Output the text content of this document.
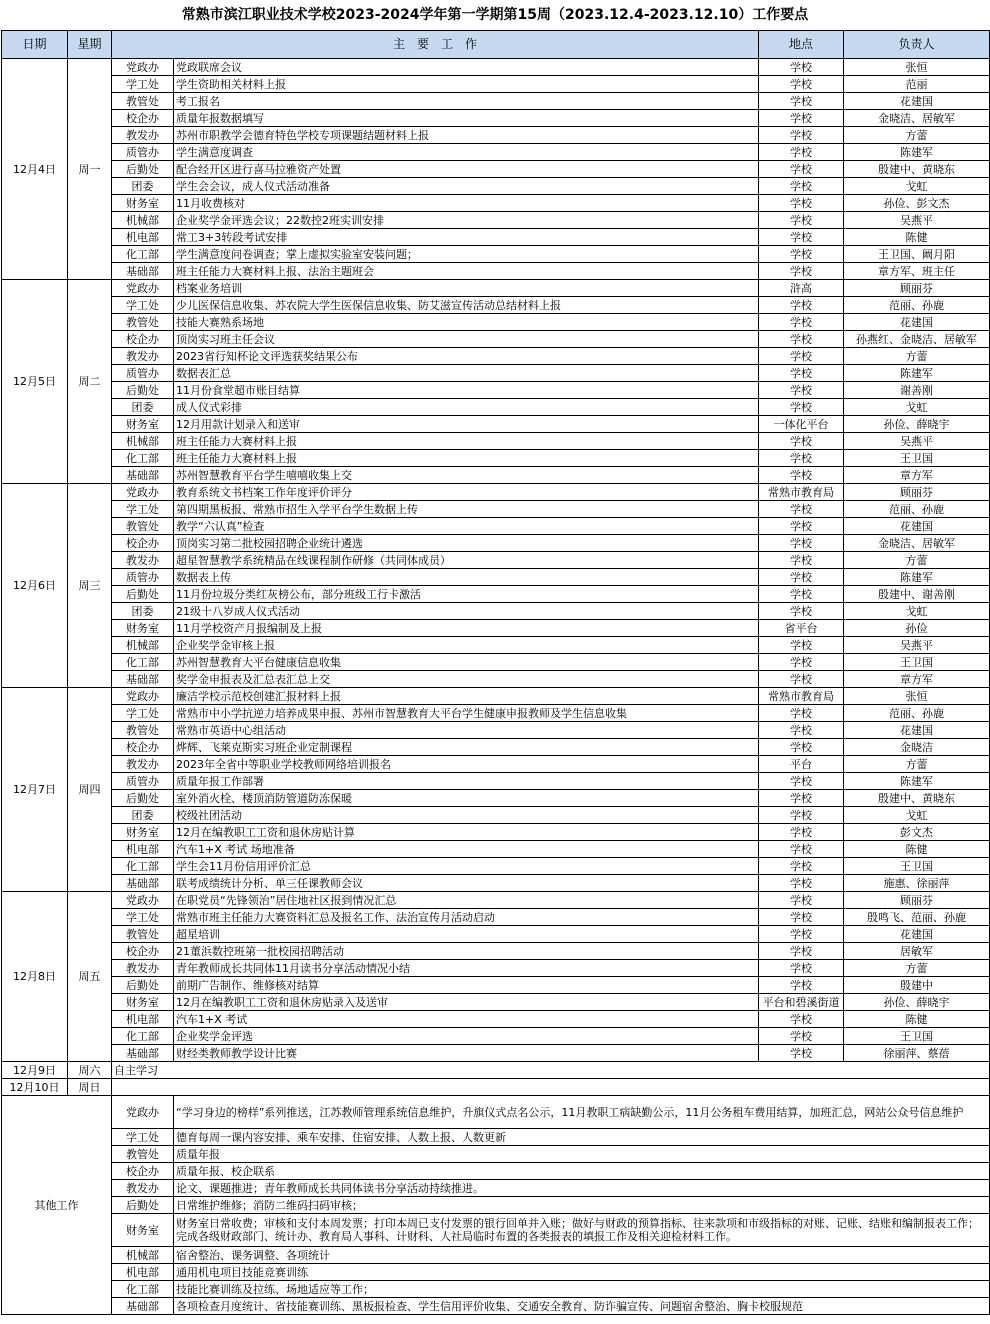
常熟市滨江职业技术学校2023-2024学年第一学期第15周（2023.12.4-2023.12.10）工作要点
日期	星期	主　要　工　作		地点	负责人
12月4日	周一	党政办	党政联席会议	学校	张恒
		学工处	学生资助相关材料上报	学校	范丽
		教管处	考工报名	学校	花建国
		校企办	质量年报数据填写	学校	金晓洁、居敏军
		教发办	苏州市职教学会德育特色学校专项课题结题材料上报	学校	方蕾
		质管办	学生满意度调查	学校	陈建军
		后勤处	配合经开区进行喜马拉雅资产处置	学校	殷建中、黄晓东
		团委	学生会会议，成人仪式活动准备	学校	戈虹
		财务室	11月收费核对	学校	孙俭、彭文杰
		机械部	企业奖学金评选会议；22数控2班实训安排	学校	吴燕平
		机电部	常工3+3转段考试安排	学校	陈健
		化工部	学生满意度问卷调查；掌上虚拟实验室安装问题；	学校	王卫国、阚月阳
		基础部	班主任能力大赛材料上报、法治主题班会	学校	章方军、班主任
12月5日	周二	党政办	档案业务培训	浒高	顾丽芬
		学工处	少儿医保信息收集、苏农院大学生医保信息收集、防艾滋宣传活动总结材料上报	学校	范丽、孙鹿
		教管处	技能大赛熟系场地	学校	花建国
		校企办	顶岗实习班主任会议	学校	孙燕红、金晓洁、居敏军
		教发办	2023省行知杯论文评选获奖结果公布	学校	方蕾
		质管办	数据表汇总	学校	陈建军
		后勤处	11月份食堂超市账目结算	学校	谢善刚
		团委	成人仪式彩排	学校	戈虹
		财务室	12月用款计划录入和送审	一体化平台	孙俭、薛晓宇
		机械部	班主任能力大赛材料上报	学校	吴燕平
		化工部	班主任能力大赛材料上报	学校	王卫国
		基础部	苏州智慧教育平台学生嘻嘻收集上交	学校	章方军
12月6日	周三	党政办	教育系统文书档案工作年度评价评分	常熟市教育局	顾丽芬
		学工处	第四期黑板报、常熟市招生入学平台学生数据上传	学校	范丽、孙鹿
		教管处	教学“六认真”检查	学校	花建国
		校企办	顶岗实习第二批校园招聘企业统计遴选	学校	金晓洁、居敏军
		教发办	超星智慧教学系统精品在线课程制作研修（共同体成员）	学校	方蕾
		质管办	数据表上传	学校	陈建军
		后勤处	11月份垃圾分类红灰榜公布，部分班级工行卡激活	学校	殷建中、谢善刚
		团委	21级十八岁成人仪式活动	学校	戈虹
		财务室	11月学校资产月报编制及上报	省平台	孙俭
		机械部	企业奖学金审核上报	学校	吴燕平
		化工部	苏州智慧教育大平台健康信息收集	学校	王卫国
		基础部	奖学金申报表及汇总表汇总上交	学校	章方军
12月7日	周四	党政办	廉洁学校示范校创建汇报材料上报	常熟市教育局	张恒
		学工处	常熟市中小学抗逆力培养成果申报、苏州市智慧教育大平台学生健康申报教师及学生信息收集	学校	范丽、孙鹿
		教管处	常熟市英语中心组活动	学校	花建国
		校企办	烨辉、飞莱克斯实习班企业定制课程	学校	金晓洁
		教发办	2023年全省中等职业学校教师网络培训报名	平台	方蕾
		质管办	质量年报工作部署	学校	陈建军
		后勤处	室外消火栓、楼顶消防管道防冻保暖	学校	殷建中、黄晓东
		团委	校级社团活动	学校	戈虹
		财务室	12月在编教职工工资和退休房贴计算	学校	彭文杰
		机电部	汽车1+X 考试 场地准备	学校	陈健
		化工部	学生会11月份信用评价汇总	学校	王卫国
		基础部	联考成绩统计分析、单三任课教师会议	学校	施惠、徐丽萍
12月8日	周五	党政办	在职党员“先锋领治”居住地社区报到情况汇总	学校	顾丽芬
		学工处	常熟市班主任能力大赛资料汇总及报名工作、法治宣传月活动启动	学校	殷鸣飞、范丽、孙鹿
		教管处	超星培训	学校	花建国
		校企办	21董浜数控班第一批校园招聘活动	学校	居敏军
		教发办	青年教师成长共同体11月读书分享活动情况小结	学校	方蕾
		后勤处	前期广告制作、维修核对结算	学校	殷建中
		财务室	12月在编教职工工资和退休房贴录入及送审	平台和碧溪街道	孙俭、薛晓宇
		机电部	汽车1+X 考试	学校	陈健
		化工部	企业奖学金评选	学校	王卫国
		基础部	财经类教师教学设计比赛	学校	徐丽萍、蔡蓓
12月9日	周六	自主学习			
12月10日	周日				
其他工作		党政办	“学习身边的榜样”系列推送，江苏教师管理系统信息维护，升旗仪式点名公示，11月教职工病缺勤公示，11月公务租车费用结算，加班汇总，网站公众号信息维护		
		学工处	德育每周一课内容安排、乘车安排、住宿安排、人数上报、人数更新		
		教管处	质量年报		
		校企办	质量年报、校企联系		
		教发办	论文、课题推进；青年教师成长共同体读书分享活动持续推进。		
		后勤处	日常维护维修；消防二维码扫码审核；		
		财务室	财务室日常收费；审核和支付本周发票；打印本周已支付发票的银行回单并入账；做好与财政的预算指标、往来款项和市级指标的对账、记账、结账和编制报表工作；完成各级财政部门、统计办、教育局人事科、计财科、人社局临时布置的各类报表的填报工作及相关迎检材料工作。		
		机械部	宿舍整治、课务调整、各项统计		
		机电部	通用机电项目技能竞赛训练		
		化工部	技能比赛训练及拉练、场地适应等工作；		
		基础部	各项检查月度统计、省技能赛训练、黑板报检查、学生信用评价收集、交通安全教育、防诈骗宣传、问题宿舍整治、胸卡校服规范		
